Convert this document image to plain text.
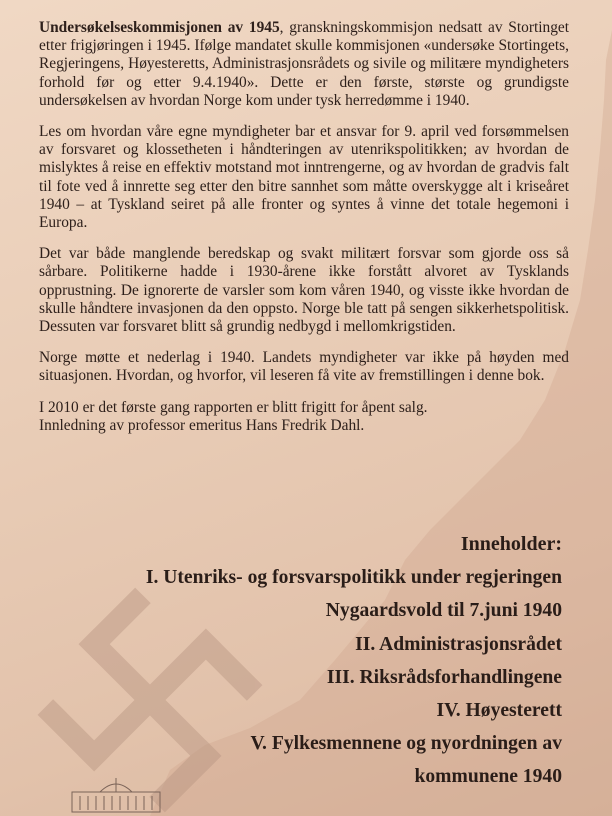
Undersøkelseskommisjonen av 1945, granskningskommisjon nedsatt av Stortinget etter frigjøringen i 1945. Ifølge mandatet skulle kommisjonen «undersøke Stortingets, Regjeringens, Høyesteretts, Administrasjonsrådets og sivile og militære myndigheters forhold før og etter 9.4.1940». Dette er den første, største og grundigste undersøkelsen av hvordan Norge kom under tysk herredømme i 1940.

Les om hvordan våre egne myndigheter bar et ansvar for 9. april ved forsømmelsen av forsvaret og klossetheten i håndteringen av utenrikspolitikken; av hvordan de mislyktes å reise en effektiv motstand mot inntrengerne, og av hvordan de gradvis falt til fote ved å innrette seg etter den bitre sannhet som måtte overskygge alt i kriseåret 1940 – at Tyskland seiret på alle fronter og syntes å vinne det totale hegemoni i Europa.

Det var både manglende beredskap og svakt militært forsvar som gjorde oss så sårbare. Politikerne hadde i 1930-årene ikke forstått alvoret av Tysklands opprustning. De ignorerte de varsler som kom våren 1940, og visste ikke hvordan de skulle håndtere invasjonen da den oppsto. Norge ble tatt på sengen sikkerhetspolitisk. Dessuten var forsvaret blitt så grundig nedbygd i mellomkrigstiden.

Norge møtte et nederlag i 1940. Landets myndigheter var ikke på høyden med situasjonen. Hvordan, og hvorfor, vil leseren få vite av fremstillingen i denne bok.

I 2010 er det første gang rapporten er blitt frigitt for åpent salg.
Innledning av professor emeritus Hans Fredrik Dahl.

Inneholder:
I. Utenriks- og forsvarspolitikk under regjeringen
Nygaardsvold til 7.juni 1940
II. Administrasjonsrådet
III. Riksrådsforhandlingene
IV. Høyesterett
V. Fylkesmennene og nyordningen av
kommunene 1940
